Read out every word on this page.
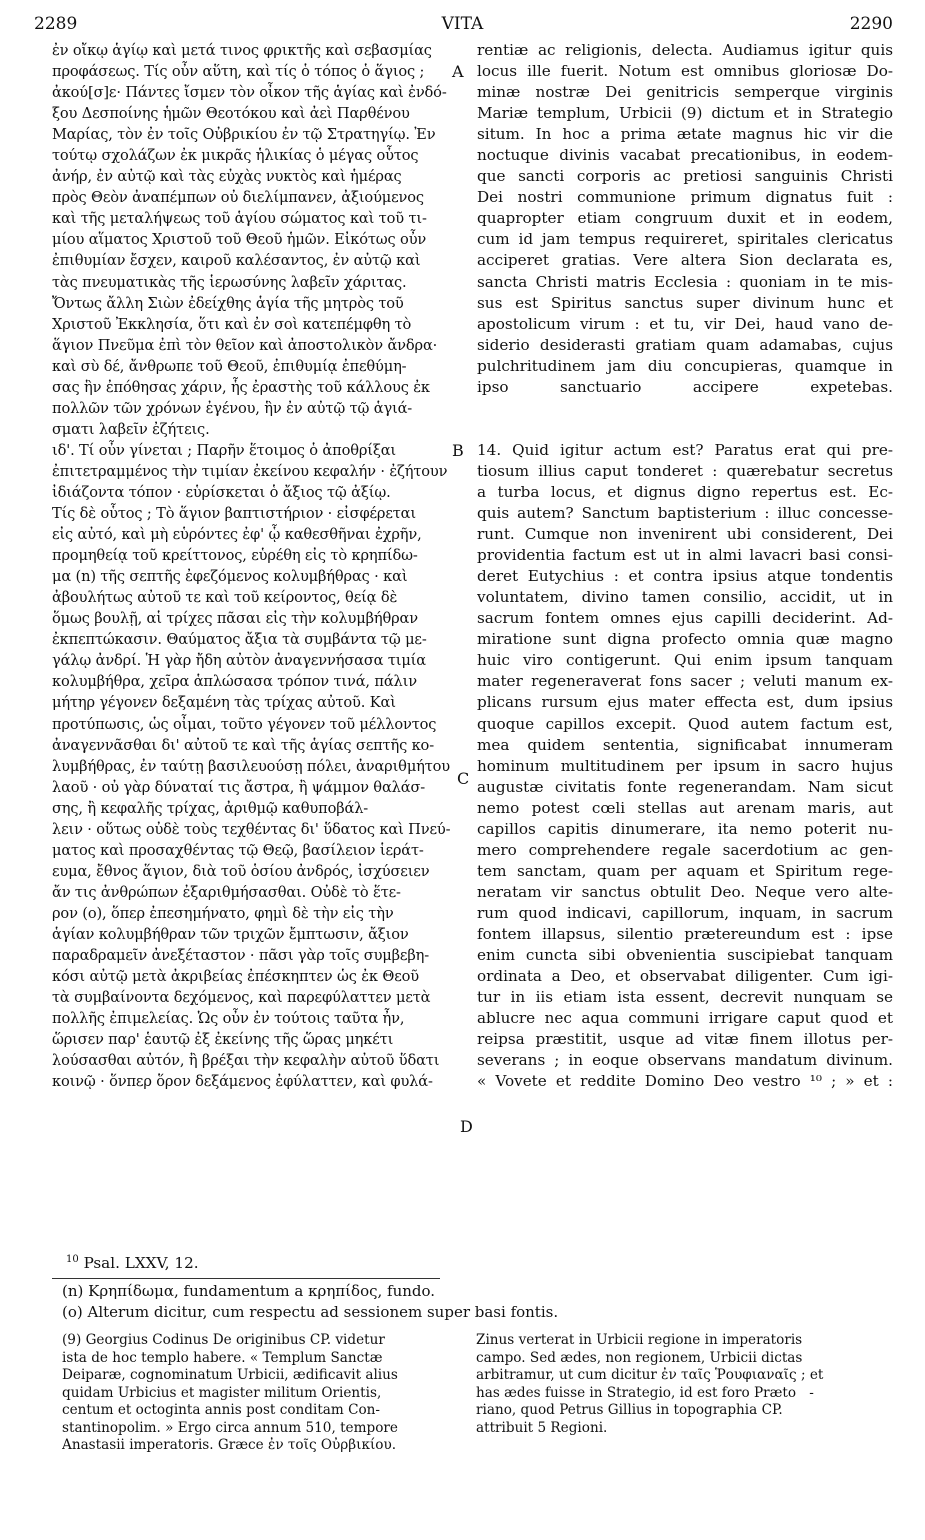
2289	VITA	2290
ἐν οἴκῳ ἁγίῳ καὶ μετά τινος φρικτῆς καὶ σεβασμίας
προφάσεως. Τίς οὖν αὕτη, καὶ τίς ὁ τόπος ὁ ἅγιος ;
ἀκού[σ]ε· Πάντες ἴσμεν τὸν οἶκον τῆς ἁγίας καὶ ἐνδό-
ξου Δεσποίνης ἡμῶν Θεοτόκου καὶ ἀεὶ Παρθένου
Μαρίας, τὸν ἐν τοῖς Οὐβρικίου ἐν τῷ Στρατηγίῳ. Ἐν
τούτῳ σχολάζων ἐκ μικρᾶς ἡλικίας ὁ μέγας οὗτος
ἀνήρ, ἐν αὐτῷ καὶ τὰς εὐχὰς νυκτὸς καὶ ἡμέρας
πρὸς Θεὸν ἀναπέμπων οὐ διελίμπανεν, ἀξιούμενος
καὶ τῆς μεταλήψεως τοῦ ἁγίου σώματος καὶ τοῦ τι-
μίου αἵματος Χριστοῦ τοῦ Θεοῦ ἡμῶν. Εἰκότως οὖν
ἐπιθυμίαν ἔσχεν, καιροῦ καλέσαντος, ἐν αὐτῷ καὶ
τὰς πνευματικὰς τῆς ἱερωσύνης λαβεῖν χάριτας.
Ὄντως ἄλλη Σιὼν ἐδείχθης ἁγία τῆς μητρὸς τοῦ
Χριστοῦ Ἐκκλησία, ὅτι καὶ ἐν σοὶ κατεπέμφθη τὸ
ἅγιον Πνεῦμα ἐπὶ τὸν θεῖον καὶ ἀποστολικὸν ἄνδρα·
καὶ σὺ δέ, ἄνθρωπε τοῦ Θεοῦ, ἐπιθυμίᾳ ἐπεθύμη-
σας ἣν ἐπόθησας χάριν, ἧς ἐραστὴς τοῦ κάλλους ἐκ
πολλῶν τῶν χρόνων ἐγένου, ἣν ἐν αὐτῷ τῷ ἁγιά-
σματι λαβεῖν ἐζήτεις.
ιδ'. Τί οὖν γίνεται ; Παρῆν ἕτοιμος ὁ ἀποθρίξαι
ἐπιτετραμμένος τὴν τιμίαν ἐκείνου κεφαλήν · ἐζήτουν
ἰδιάζοντα τόπον · εὑρίσκεται ὁ ἄξιος τῷ ἀξίῳ.
Τίς δὲ οὗτος ; Τὸ ἅγιον βαπτιστήριον · εἰσφέρεται
εἰς αὐτό, καὶ μὴ εὑρόντες ἐφ' ᾧ καθεσθῆναι ἐχρῆν,
προμηθείᾳ τοῦ κρείττονος, εὑρέθη εἰς τὸ κρηπίδω-
μα (n) τῆς σεπτῆς ἐφεζόμενος κολυμβήθρας · καὶ
ἀβουλήτως αὐτοῦ τε καὶ τοῦ κείροντος, θείᾳ δὲ
ὅμως βουλῇ, αἱ τρίχες πᾶσαι εἰς τὴν κολυμβήθραν
ἐκπεπτώκασιν. Θαύματος ἄξια τὰ συμβάντα τῷ με-
γάλῳ ἀνδρί. Ἡ γὰρ ἤδη αὐτὸν ἀναγεννήσασα τιμία
κολυμβήθρα, χεῖρα ἁπλώσασα τρόπον τινά, πάλιν
μήτηρ γέγονεν δεξαμένη τὰς τρίχας αὐτοῦ. Καὶ
προτύπωσις, ὡς οἶμαι, τοῦτο γέγονεν τοῦ μέλλοντος
ἀναγεννᾶσθαι δι' αὐτοῦ τε καὶ τῆς ἁγίας σεπτῆς κο-
λυμβήθρας, ἐν ταύτῃ βασιλευούσῃ πόλει, ἀναριθμήτου
λαοῦ · οὐ γὰρ δύναταί τις ἄστρα, ἢ ψάμμον θαλάσ-
σης, ἢ κεφαλῆς τρίχας, ἀριθμῷ καθυποβάλ-
λειν · οὕτως οὐδὲ τοὺς τεχθέντας δι' ὕδατος καὶ Πνεύ-
ματος καὶ προσαχθέντας τῷ Θεῷ, βασίλειον ἱεράτ-
ευμα, ἔθνος ἅγιον, διὰ τοῦ ὁσίου ἀνδρός, ἰσχύσειεν
ἄν τις ἀνθρώπων ἐξαριθμήσασθαι. Οὐδὲ τὸ ἕτε-
ρον (o), ὅπερ ἐπεσημήνατο, φημὶ δὲ τὴν εἰς τὴν
ἁγίαν κολυμβήθραν τῶν τριχῶν ἔμπτωσιν, ἄξιον
παραδραμεῖν ἀνεξέταστον · πᾶσι γὰρ τοῖς συμβεβη-
κόσι αὐτῷ μετὰ ἀκριβείας ἐπέσκηπτεν ὡς ἐκ Θεοῦ
τὰ συμβαίνοντα δεχόμενος, καὶ παρεφύλαττεν μετὰ
πολλῆς ἐπιμελείας. Ὡς οὖν ἐν τούτοις ταῦτα ἦν,
ὥρισεν παρ' ἑαυτῷ ἐξ ἐκείνης τῆς ὥρας μηκέτι
λούσασθαι αὐτόν, ἢ βρέξαι τὴν κεφαλὴν αὐτοῦ ὕδατι
κοινῷ · ὅνπερ ὅρον δεξάμενος ἐφύλαττεν, καὶ φυλά-
rentiæ ac religionis, delecta. Audiamus igitur quis
locus ille fuerit. Notum est omnibus gloriosæ Do-
minæ nostræ Dei genitricis semperque virginis
Mariæ templum, Urbicii (9) dictum et in Strategio
situm. In hoc a prima ætate magnus hic vir die
noctuque divinis vacabat precationibus, in eodem-
que sancti corporis ac pretiosi sanguinis Christi
Dei nostri communione primum dignatus fuit :
quapropter etiam congruum duxit et in eodem,
cum id jam tempus requireret, spiritales clericatus
acciperet gratias. Vere altera Sion declarata es,
sancta Christi matris Ecclesia : quoniam in te mis-
sus est Spiritus sanctus super divinum hunc et
apostolicum virum : et tu, vir Dei, haud vano de-
siderio desiderasti gratiam quam adamabas, cujus
pulchritudinem jam diu concupieras, quamque in
ipso sanctuario accipere expetebas.
14. Quid igitur actum est? Paratus erat qui pre-
tiosum illius caput tonderet : quærebatur secretus
a turba locus, et dignus digno repertus est. Ec-
quis autem? Sanctum baptisterium : illuc concesse-
runt. Cumque non invenirent ubi considerent, Dei
providentia factum est ut in almi lavacri basi consi-
deret Eutychius : et contra ipsius atque tondentis
voluntatem, divino tamen consilio, accidit, ut in
sacrum fontem omnes ejus capilli deciderint. Ad-
miratione sunt digna profecto omnia quæ magno
huic viro contigerunt. Qui enim ipsum tanquam
mater regeneraverat fons sacer ; veluti manum ex-
plicans rursum ejus mater effecta est, dum ipsius
quoque capillos excepit. Quod autem factum est,
mea quidem sententia, significabat innumeram
hominum multitudinem per ipsum in sacro hujus
augustæ civitatis fonte regenerandam. Nam sicut
nemo potest cœli stellas aut arenam maris, aut
capillos capitis dinumerare, ita nemo poterit nu-
mero comprehendere regale sacerdotium ac gen-
tem sanctam, quam per aquam et Spiritum rege-
neratam vir sanctus obtulit Deo. Neque vero alte-
rum quod indicavi, capillorum, inquam, in sacrum
fontem illapsus, silentio prætereundum est : ipse
enim cuncta sibi obvenientia suscipiebat tanquam
ordinata a Deo, et observabat diligenter. Cum igi-
tur in iis etiam ista essent, decrevit nunquam se
ablucre nec aqua communi irrigare caput quod et
reipsa præstitit, usque ad vitæ finem illotus per-
severans ; in eoque observans mandatum divinum.
« Vovete et reddite Domino Deo vestro ¹⁰ ; » et :
A
B
C
D
$^{10}$ Psal. LXXV, 12.
(n) Κρηπίδωμα, fundamentum a κρηπίδος, fundo.
(o) Alterum dicitur, cum respectu ad sessionem super basi fontis.
(9) Georgius Codinus De originibus CP. videtur
ista de hoc templo habere. « Templum Sanctæ
Deiparæ, cognominatum Urbicii, ædificavit alius
quidam Urbicius et magister militum Orientis,
centum et octoginta annis post conditam Con-
stantinopolim. » Ergo circa annum 510, tempore
Anastasii imperatoris. Græce ἐν τοῖς Οὐρβικίου.
Zinus verterat in Urbicii regione in imperatoris
campo. Sed ædes, non regionem, Urbicii dictas
arbitramur, ut cum dicitur ἐν ταῖς Ῥουφιαναῖς ; et
has ædes fuisse in Strategio, id est foro Prætoﾠ-
riano, quod Petrus Gillius in topographia CP.
attribuit 5 Regioni.
